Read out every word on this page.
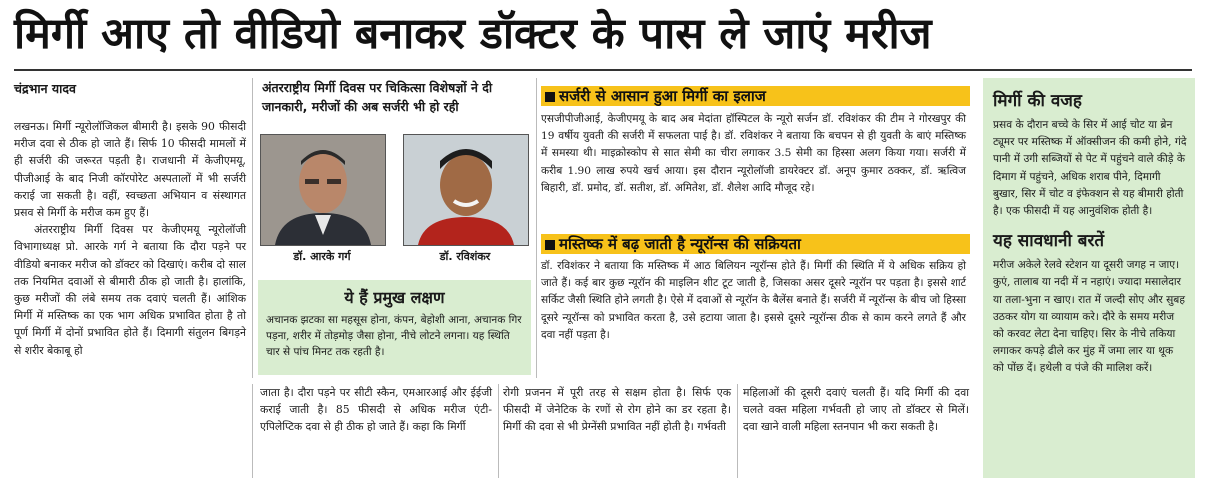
मिर्गी आए तो वीडियो बनाकर डॉक्टर के पास ले जाएं मरीज
चंद्रभान यादव

लखनऊ। मिर्गी न्यूरोलॉजिकल बीमारी है। इसके 90 फीसदी मरीज दवा से ठीक हो जाते हैं। सिर्फ 10 फीसदी मामलों में ही सर्जरी की जरूरत पड़ती है। राजधानी में केजीएमयू, पीजीआई के बाद निजी कॉरपोरेट अस्पतालों में भी सर्जरी कराई जा सकती है। वहीं, स्वच्छता अभियान व संस्थागत प्रसव से मिर्गी के मरीज कम हुए हैं।

अंतरराष्ट्रीय मिर्गी दिवस पर केजीएमयू न्यूरोलॉजी विभागाध्यक्ष प्रो. आरके गर्ग ने बताया कि दौरा पड़ने पर वीडियो बनाकर मरीज को डॉक्टर को दिखाएं। करीब दो साल तक नियमित दवाओं से बीमारी ठीक हो जाती है। हालांकि, कुछ मरीजों की लंबे समय तक दवाएं चलती हैं। आंशिक मिर्गी में मस्तिष्क का एक भाग अधिक प्रभावित होता है तो पूर्ण मिर्गी में दोनों प्रभावित होते हैं। दिमागी संतुलन बिगड़ने से शरीर बेकाबू हो

अंतरराष्ट्रीय मिर्गी दिवस पर चिकित्सा विशेषज्ञों ने दी जानकारी, मरीजों की अब सर्जरी भी हो रही
डॉ. आरके गर्ग	डॉ. रविशंकर
ये हैं प्रमुख लक्षण
अचानक झटका सा महसूस होना, कंपन, बेहोशी आना, अचानक गिर पड़ना, शरीर में तोड़मोड़ जैसा होना, नीचे लोटने लगना। यह स्थिति चार से पांच मिनट तक रहती है।
सर्जरी से आसान हुआ मिर्गी का इलाज
एसजीपीजीआई, केजीएमयू के बाद अब मेदांता हॉस्पिटल के न्यूरो सर्जन डॉ. रविशंकर की टीम ने गोरखपुर की 19 वर्षीय युवती की सर्जरी में सफलता पाई है। डॉ. रविशंकर ने बताया कि बचपन से ही युवती के बाएं मस्तिष्क में समस्या थी। माइक्रोस्कोप से सात सेमी का चीरा लगाकर 3.5 सेमी का हिस्सा अलग किया गया। सर्जरी में करीब 1.90 लाख रुपये खर्च आया। इस दौरान न्यूरोलॉजी डायरेक्टर डॉ. अनूप कुमार ठक्कर, डॉ. ऋत्विज बिहारी, डॉ. प्रमोद, डॉ. सतीश, डॉ. अमितेश, डॉ. शैलेश आदि मौजूद रहे।
मस्तिष्क में बढ़ जाती है न्यूरॉन्स की सक्रियता
डॉ. रविशंकर ने बताया कि मस्तिष्क में आठ बिलियन न्यूरॉन्स होते हैं। मिर्गी की स्थिति में ये अधिक सक्रिय हो जाते हैं। कई बार कुछ न्यूरॉन की माइलिन शीट टूट जाती है, जिसका असर दूसरे न्यूरॉन पर पड़ता है। इससे शार्ट सर्किट जैसी स्थिति होने लगती है। ऐसे में दवाओं से न्यूरॉन के बैलेंस बनाते हैं। सर्जरी में न्यूरॉन्स के बीच जो हिस्सा दूसरे न्यूरॉन्स को प्रभावित करता है, उसे हटाया जाता है। इससे दूसरे न्यूरॉन्स ठीक से काम करने लगते हैं और दवा नहीं पड़ता है।
जाता है। दौरा पड़ने पर सीटी स्कैन, एमआरआई और ईईजी कराई जाती है। 85 फीसदी से अधिक मरीज एंटी-एपिलेप्टिक दवा से ही ठीक हो जाते हैं। कहा कि मिर्गी
रोगी प्रजनन में पूरी तरह से सक्षम होता है। सिर्फ एक फीसदी में जेनेटिक के रणों से रोग होने का डर रहता है। मिर्गी की दवा से भी प्रेग्नेंसी प्रभावित नहीं होती है। गर्भवती
महिलाओं की दूसरी दवाएं चलती हैं। यदि मिर्गी की दवा चलते वक्त महिला गर्भवती हो जाए तो डॉक्टर से मिलें। दवा खाने वाली महिला स्तनपान भी करा सकती है।
मिर्गी की वजह
प्रसव के दौरान बच्चे के सिर में आई चोट या ब्रेन ट्यूमर पर मस्तिष्क में ऑक्सीजन की कमी होने, गंदे पानी में उगी सब्जियों से पेट में पहुंचने वाले कीड़े के दिमाग में पहुंचने, अधिक शराब पीने, दिमागी बुखार, सिर में चोट व इंफेक्शन से यह बीमारी होती है। एक फीसदी में यह आनुवंशिक होती है।
यह सावधानी बरतें
मरीज अकेले रेलवे स्टेशन या दूसरी जगह न जाए। कुएं, तालाब या नदी में न नहाएं। ज्यादा मसालेदार या तला-भुना न खाए। रात में जल्दी सोए और सुबह उठकर योग या व्यायाम करे। दौरे के समय मरीज को करवट लेटा देना चाहिए। सिर के नीचे तकिया लगाकर कपड़े ढीले कर मुंह में जमा लार या थूक को पोंछ दें। हथेली व पंजे की मालिश करें।
